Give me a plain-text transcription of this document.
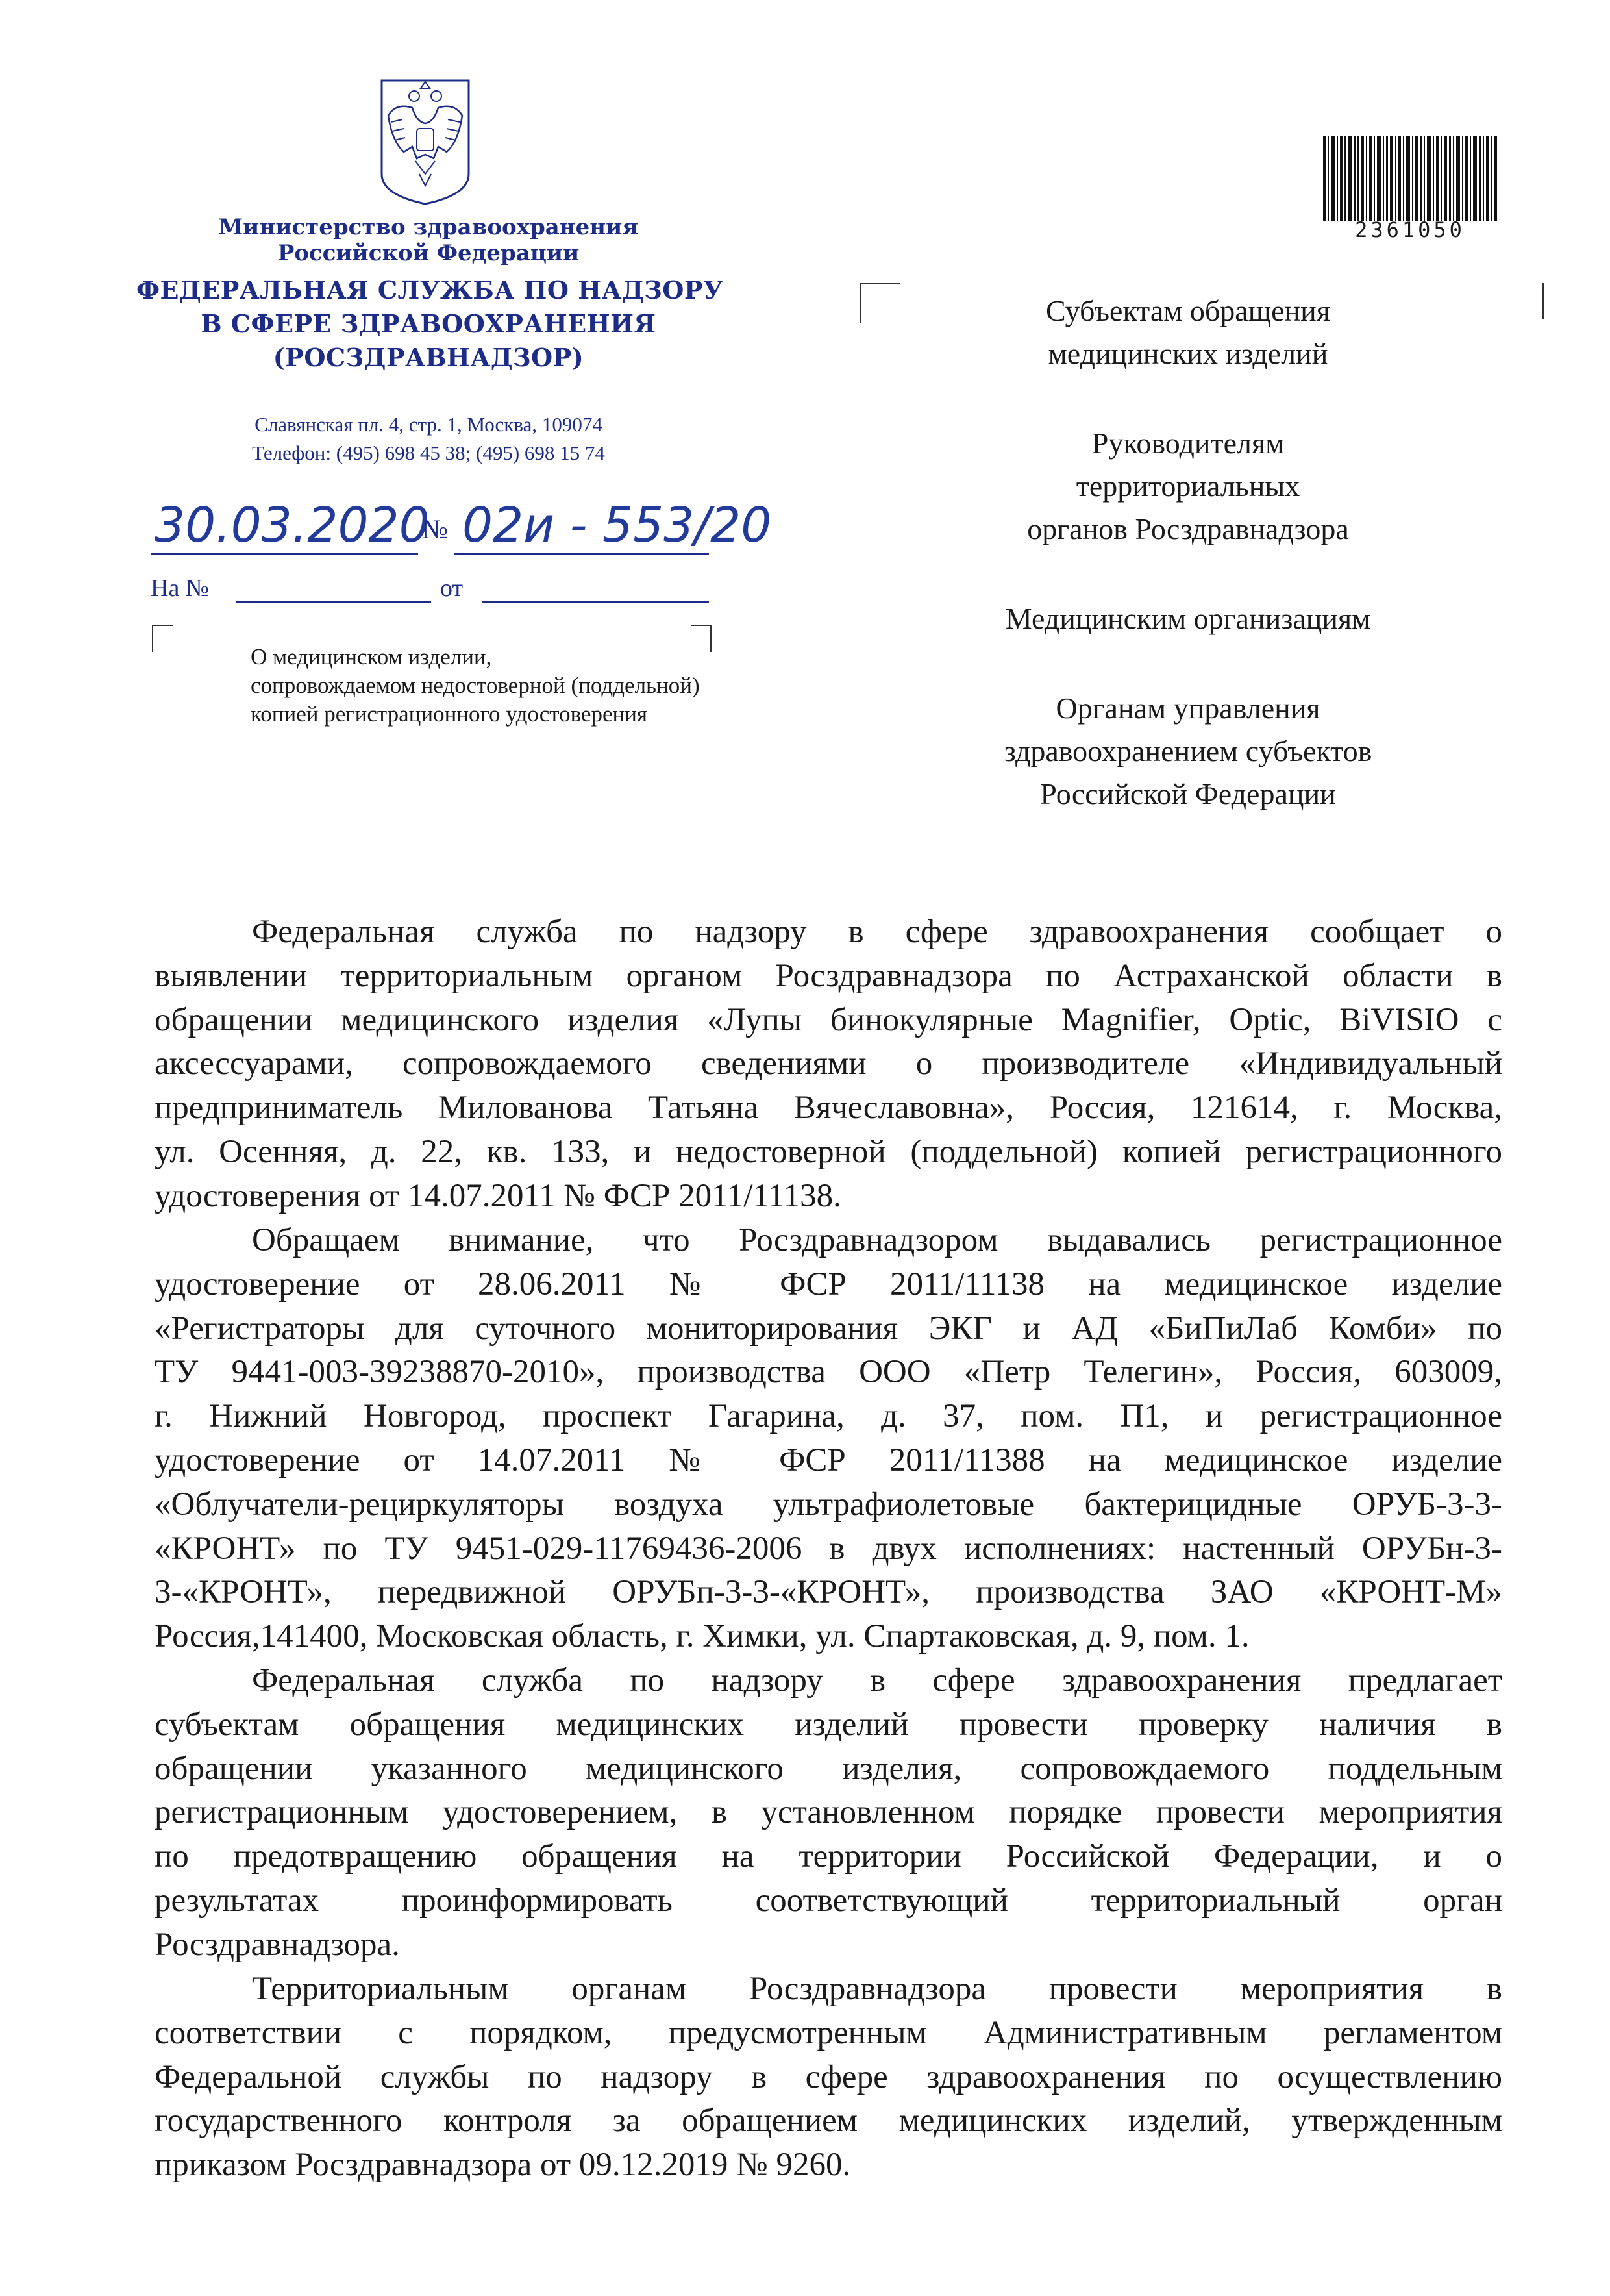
Министерство здравоохранения
Российской Федерации
ФЕДЕРАЛЬНАЯ СЛУЖБА ПО НАДЗОРУ
В СФЕРЕ ЗДРАВООХРАНЕНИЯ
(РОСЗДРАВНАДЗОР)
Славянская пл. 4, стр. 1, Москва, 109074
Телефон: (495) 698 45 38; (495) 698 15 74
30.03.2020
№ 02и - 553/20
На №	от
О медицинском изделии,
сопровождаемом недостоверной (поддельной)
копией регистрационного удостоверения
2361050
Субъектам обращения
медицинских изделий
Руководителям
территориальных
органов Росздравнадзора
Медицинским организациям
Органам управления
здравоохранением субъектов
Российской Федерации
Федеральная служба по надзору в сфере здравоохранения сообщает о
выявлении территориальным органом Росздравнадзора по Астраханской области в
обращении медицинского изделия «Лупы бинокулярные Magnifier, Optic, BiVISIO с
аксессуарами, сопровождаемого сведениями о производителе «Индивидуальный
предприниматель Милованова Татьяна Вячеславовна», Россия, 121614, г. Москва,
ул. Осенняя, д. 22, кв. 133, и недостоверной (поддельной) копией регистрационного
удостоверения от 14.07.2011 № ФСР 2011/11138.
Обращаем внимание, что Росздравнадзором выдавались регистрационное
удостоверение от 28.06.2011 № ФСР 2011/11138 на медицинское изделие
«Регистраторы для суточного мониторирования ЭКГ и АД «БиПиЛаб Комби» по
ТУ 9441-003-39238870-2010», производства ООО «Петр Телегин», Россия, 603009,
г. Нижний Новгород, проспект Гагарина, д. 37, пом. П1, и регистрационное
удостоверение от 14.07.2011 № ФСР 2011/11388 на медицинское изделие
«Облучатели-рециркуляторы воздуха ультрафиолетовые бактерицидные ОРУБ-3-3-
«КРОНТ» по ТУ 9451-029-11769436-2006 в двух исполнениях: настенный ОРУБн-3-
3-«КРОНТ», передвижной ОРУБп-3-3-«КРОНТ», производства ЗАО «КРОНТ-М»
Россия,141400, Московская область, г. Химки, ул. Спартаковская, д. 9, пом. 1.
Федеральная служба по надзору в сфере здравоохранения предлагает
субъектам обращения медицинских изделий провести проверку наличия в
обращении указанного медицинского изделия, сопровождаемого поддельным
регистрационным удостоверением, в установленном порядке провести мероприятия
по предотвращению обращения на территории Российской Федерации, и о
результатах проинформировать соответствующий территориальный орган
Росздравнадзора.
Территориальным органам Росздравнадзора провести мероприятия в
соответствии с порядком, предусмотренным Административным регламентом
Федеральной службы по надзору в сфере здравоохранения по осуществлению
государственного контроля за обращением медицинских изделий, утвержденным
приказом Росздравнадзора от 09.12.2019 № 9260.
